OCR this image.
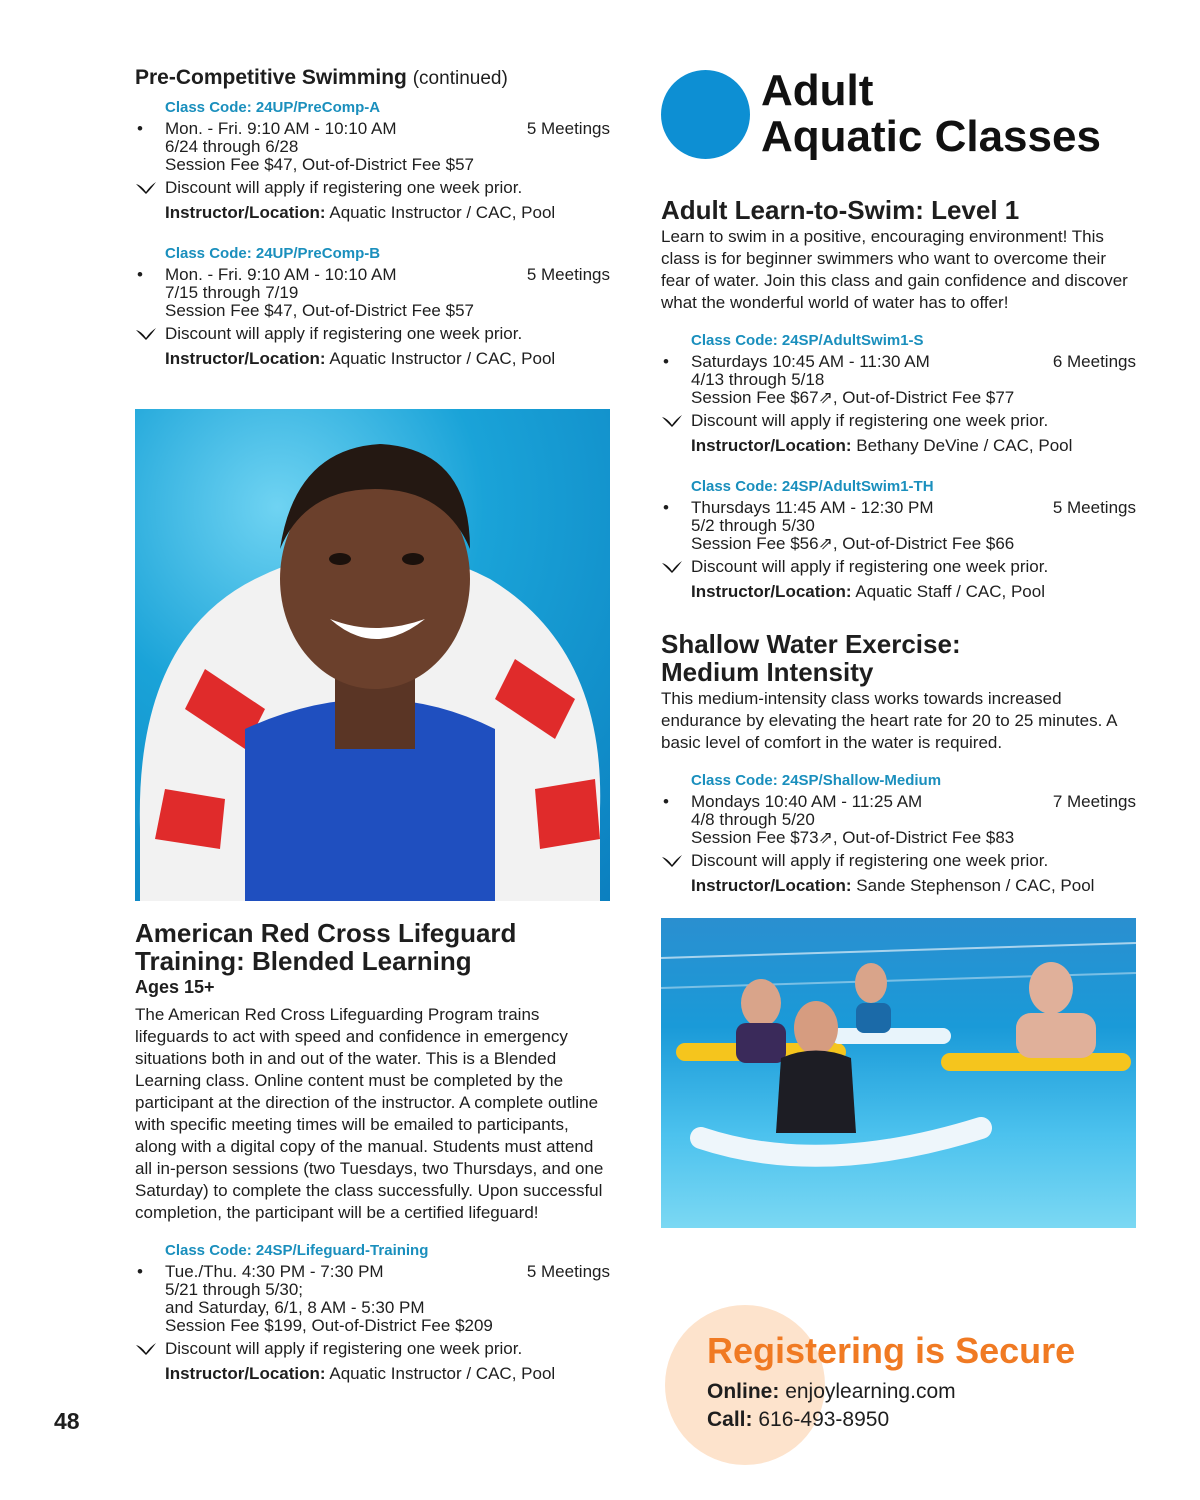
Pre-Competitive Swimming (continued)
Class Code: 24UP/PreComp-A
• Mon. - Fri. 9:10 AM - 10:10 AM	5 Meetings
6/24 through 6/28
Session Fee $47, Out-of-District Fee $57
Discount will apply if registering one week prior.
Instructor/Location: Aquatic Instructor / CAC, Pool
Class Code: 24UP/PreComp-B
• Mon. - Fri. 9:10 AM - 10:10 AM	5 Meetings
7/15 through 7/19
Session Fee $47, Out-of-District Fee $57
Discount will apply if registering one week prior.
Instructor/Location: Aquatic Instructor / CAC, Pool
American Red Cross Lifeguard
Training: Blended Learning
Ages 15+

The American Red Cross Lifeguarding Program trains lifeguards to act with speed and confidence in emergency situations both in and out of the water. This is a Blended Learning class. Online content must be completed by the participant at the direction of the instructor. A complete outline with specific meeting times will be emailed to participants, along with a digital copy of the manual. Students must attend all in-person sessions (two Tuesdays, two Thursdays, and one Saturday) to complete the class successfully. Upon successful completion, the participant will be a certified lifeguard!

Class Code: 24SP/Lifeguard-Training
• Tue./Thu. 4:30 PM - 7:30 PM	5 Meetings
5/21 through 5/30;
and Saturday, 6/1, 8 AM - 5:30 PM
Session Fee $199, Out-of-District Fee $209
Discount will apply if registering one week prior.
Instructor/Location: Aquatic Instructor / CAC, Pool
Adult
Aquatic Classes
Adult Learn-to-Swim: Level 1

Learn to swim in a positive, encouraging environment! This class is for beginner swimmers who want to overcome their fear of water. Join this class and gain confidence and discover what the wonderful world of water has to offer!

Class Code: 24SP/AdultSwim1-S
• Saturdays 10:45 AM - 11:30 AM	6 Meetings
4/13 through 5/18
Session Fee $67⇗, Out-of-District Fee $77
Discount will apply if registering one week prior.
Instructor/Location: Bethany DeVine / CAC, Pool
Class Code: 24SP/AdultSwim1-TH
• Thursdays 11:45 AM - 12:30 PM	5 Meetings
5/2 through 5/30
Session Fee $56⇗, Out-of-District Fee $66
Discount will apply if registering one week prior.
Instructor/Location: Aquatic Staff / CAC, Pool
Shallow Water Exercise:
Medium Intensity

This medium-intensity class works towards increased endurance by elevating the heart rate for 20 to 25 minutes. A basic level of comfort in the water is required.

Class Code: 24SP/Shallow-Medium
• Mondays 10:40 AM - 11:25 AM	7 Meetings
4/8 through 5/20
Session Fee $73⇗, Out-of-District Fee $83
Discount will apply if registering one week prior.
Instructor/Location: Sande Stephenson / CAC, Pool
Registering is Secure
Online: enjoylearning.com
Call: 616-493-8950
48
